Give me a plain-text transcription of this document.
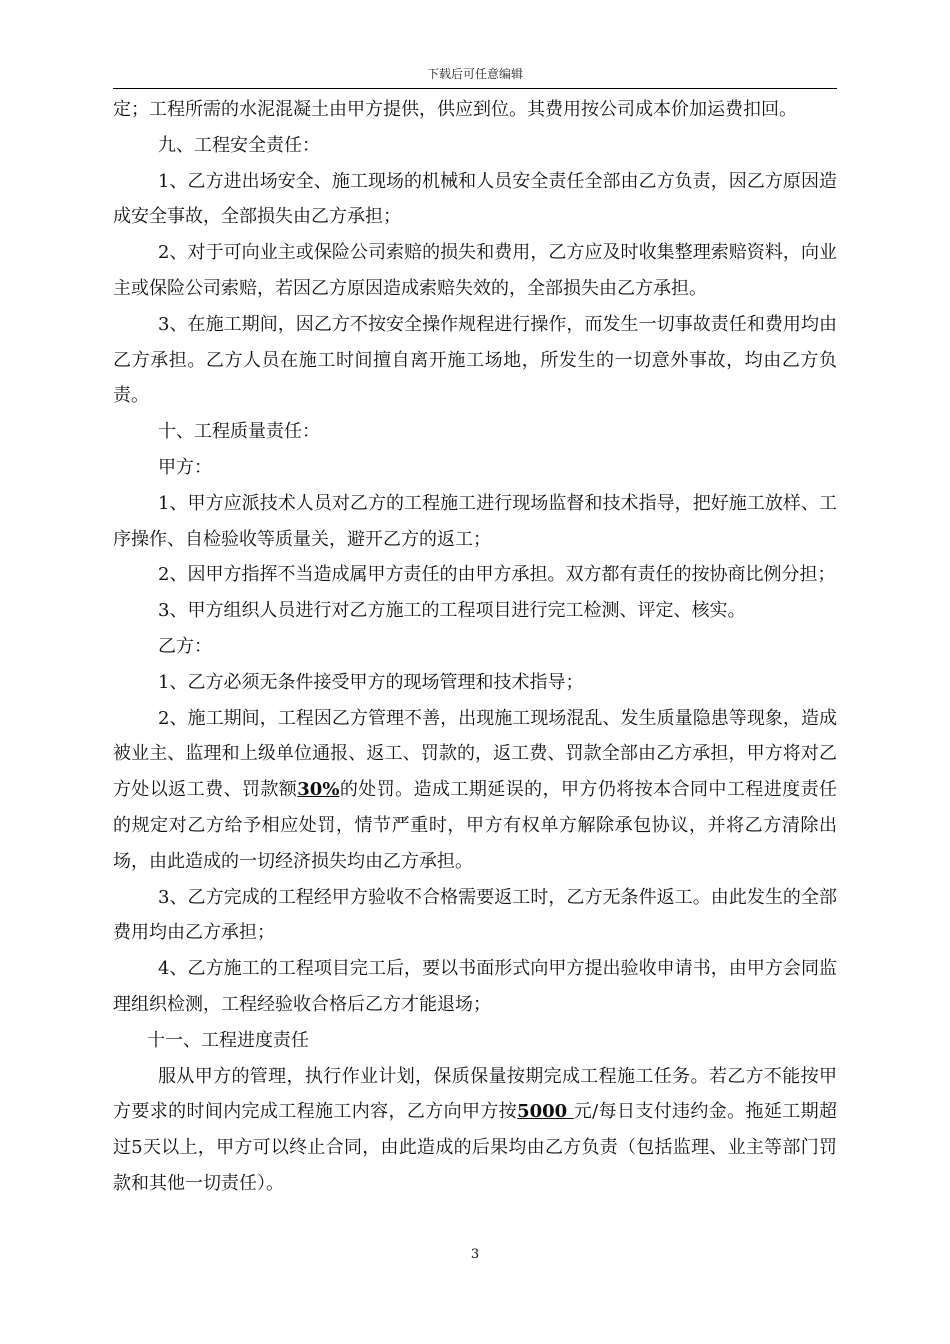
下载后可任意编辑

定；工程所需的水泥混凝土由甲方提供，供应到位。其费用按公司成本价加运费扣回。

九、工程安全责任：

1、乙方进出场安全、施工现场的机械和人员安全责任全部由乙方负责，因乙方原因造成安全事故，全部损失由乙方承担；

2、对于可向业主或保险公司索赔的损失和费用，乙方应及时收集整理索赔资料，向业主或保险公司索赔，若因乙方原因造成索赔失效的，全部损失由乙方承担。

3、在施工期间，因乙方不按安全操作规程进行操作，而发生一切事故责任和费用均由乙方承担。乙方人员在施工时间擅自离开施工场地，所发生的一切意外事故，均由乙方负责。

十、工程质量责任：

甲方：

1、甲方应派技术人员对乙方的工程施工进行现场监督和技术指导，把好施工放样、工序操作、自检验收等质量关，避开乙方的返工；

2、因甲方指挥不当造成属甲方责任的由甲方承担。双方都有责任的按协商比例分担；

3、甲方组织人员进行对乙方施工的工程项目进行完工检测、评定、核实。

乙方：

1、乙方必须无条件接受甲方的现场管理和技术指导；

2、施工期间，工程因乙方管理不善，出现施工现场混乱、发生质量隐患等现象，造成被业主、监理和上级单位通报、返工、罚款的，返工费、罚款全部由乙方承担，甲方将对乙方处以返工费、罚款额30%的处罚。造成工期延误的，甲方仍将按本合同中工程进度责任的规定对乙方给予相应处罚，情节严重时，甲方有权单方解除承包协议，并将乙方清除出场，由此造成的一切经济损失均由乙方承担。

3、乙方完成的工程经甲方验收不合格需要返工时，乙方无条件返工。由此发生的全部费用均由乙方承担；

4、乙方施工的工程项目完工后，要以书面形式向甲方提出验收申请书，由甲方会同监理组织检测，工程经验收合格后乙方才能退场；

十一、工程进度责任

服从甲方的管理，执行作业计划，保质保量按期完成工程施工任务。若乙方不能按甲方要求的时间内完成工程施工内容，乙方向甲方按5000 元/每日支付违约金。拖延工期超过5天以上，甲方可以终止合同，由此造成的后果均由乙方负责（包括监理、业主等部门罚款和其他一切责任）。

3
